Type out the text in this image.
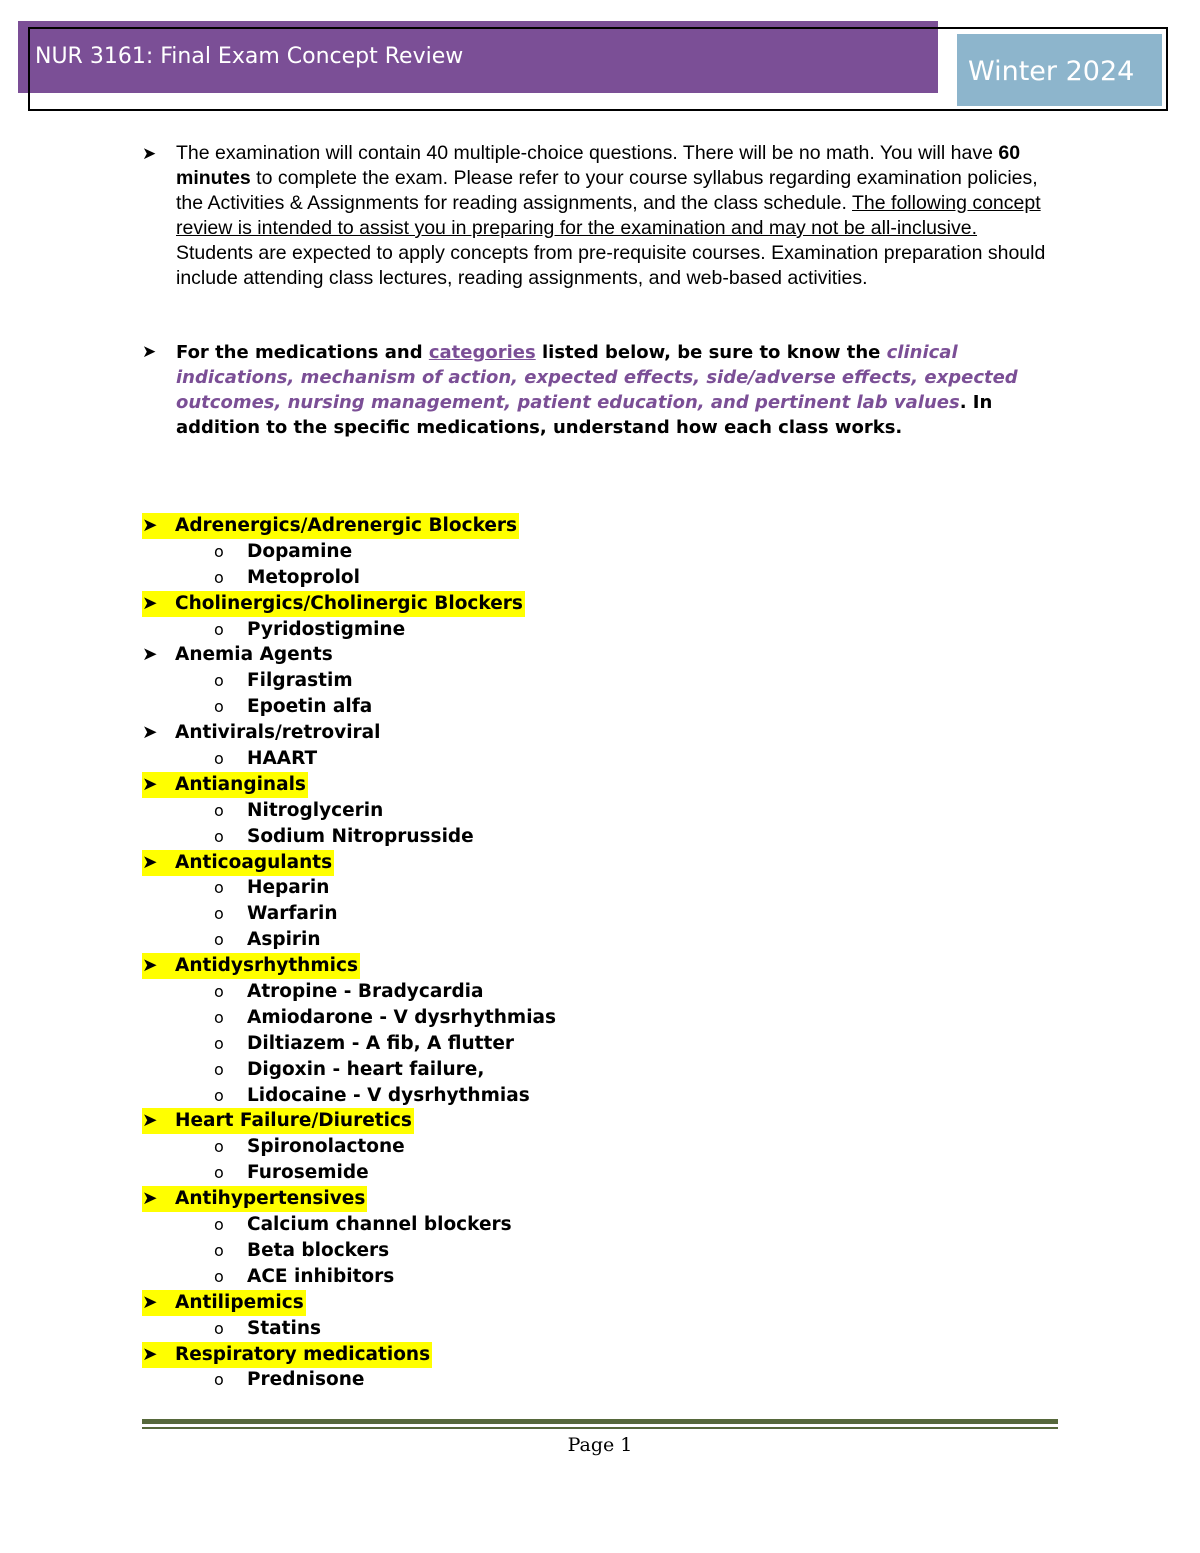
NUR 3161: Final Exam Concept Review	Winter 2024
➤ The examination will contain 40 multiple-choice questions. There will be no math. You will have 60 minutes to complete the exam. Please refer to your course syllabus regarding examination policies, the Activities & Assignments for reading assignments, and the class schedule. The following concept review is intended to assist you in preparing for the examination and may not be all-inclusive. Students are expected to apply concepts from pre-requisite courses. Examination preparation should include attending class lectures, reading assignments, and web-based activities.
➤ For the medications and categories listed below, be sure to know the clinical indications, mechanism of action, expected effects, side/adverse effects, expected outcomes, nursing management, patient education, and pertinent lab values. In addition to the specific medications, understand how each class works.
➤ Adrenergics/Adrenergic Blockers
o Dopamine
o Metoprolol
➤ Cholinergics/Cholinergic Blockers
o Pyridostigmine
➤ Anemia Agents
o Filgrastim
o Epoetin alfa
➤ Antivirals/retroviral
o HAART
➤ Antianginals
o Nitroglycerin
o Sodium Nitroprusside
➤ Anticoagulants
o Heparin
o Warfarin
o Aspirin
➤ Antidysrhythmics
o Atropine - Bradycardia
o Amiodarone - V dysrhythmias
o Diltiazem - A fib, A flutter
o Digoxin - heart failure,
o Lidocaine - V dysrhythmias
➤ Heart Failure/Diuretics
o Spironolactone
o Furosemide
➤ Antihypertensives
o Calcium channel blockers
o Beta blockers
o ACE inhibitors
➤ Antilipemics
o Statins
➤ Respiratory medications
o Prednisone
Page 1
